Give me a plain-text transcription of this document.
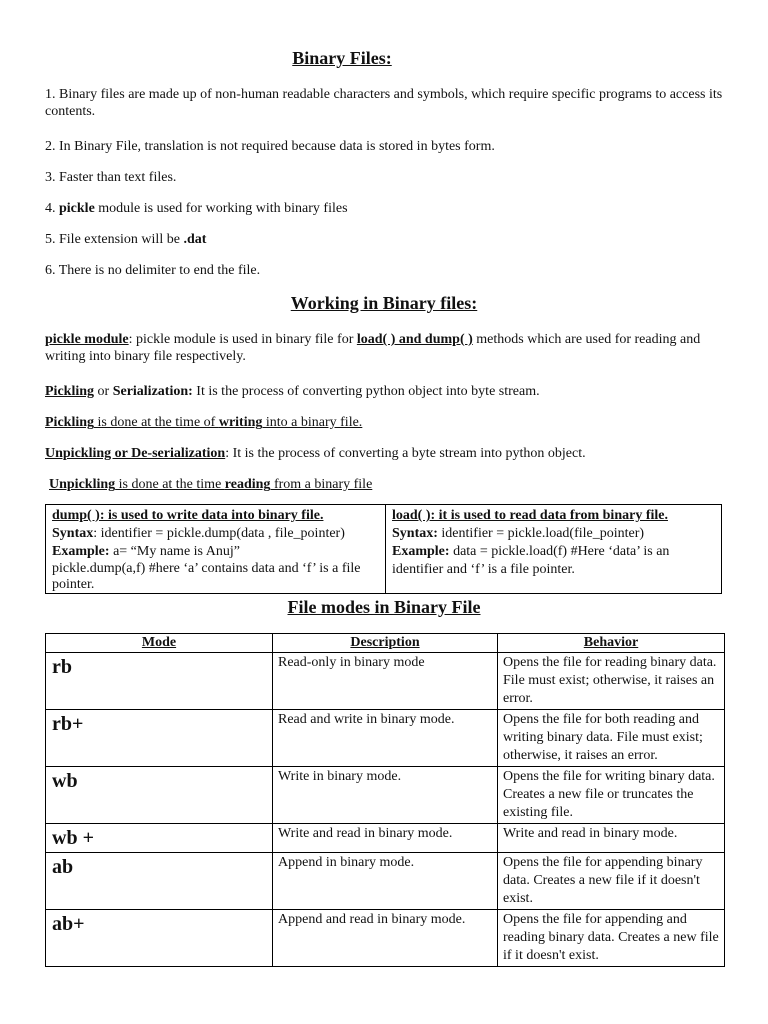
Binary Files:
1. Binary files are made up of non-human readable characters and symbols, which require specific programs to access its contents.
2. In Binary File, translation is not required because data is stored in bytes form.
3. Faster than text files.
4. pickle module is used for working with binary files
5. File extension will be .dat
6. There is no delimiter to end the file.
Working in Binary files:
pickle module: pickle module is used in binary file for load( ) and dump( ) methods which are used for reading and writing into binary file respectively.
Pickling or Serialization: It is the process of converting python object into byte stream.
Pickling is done at the time of writing into a binary file.
Unpickling or De-serialization: It is the process of converting a byte stream into python object.
Unpickling is done at the time reading from a binary file
dump( ): is used to write data into binary file.
Syntax: identifier = pickle.dump(data , file_pointer)
Example: a= “My name is Anuj”
pickle.dump(a,f) #here ‘a’ contains data and ‘f’ is a file pointer.
load( ): it is used to read data from binary file.
Syntax: identifier = pickle.load(file_pointer)
Example: data = pickle.load(f) #Here ‘data’ is an identifier and ‘f’ is a file pointer.
File modes in Binary File
Mode	Description	Behavior
rb	Read-only in binary mode	Opens the file for reading binary data. File must exist; otherwise, it raises an error.
rb+	Read and write in binary mode.	Opens the file for both reading and writing binary data. File must exist; otherwise, it raises an error.
wb	Write in binary mode.	Opens the file for writing binary data. Creates a new file or truncates the existing file.
wb +	Write and read in binary mode.	Write and read in binary mode.
ab	Append in binary mode.	Opens the file for appending binary data. Creates a new file if it doesn't exist.
ab+	Append and read in binary mode.	Opens the file for appending and reading binary data. Creates a new file if it doesn't exist.
